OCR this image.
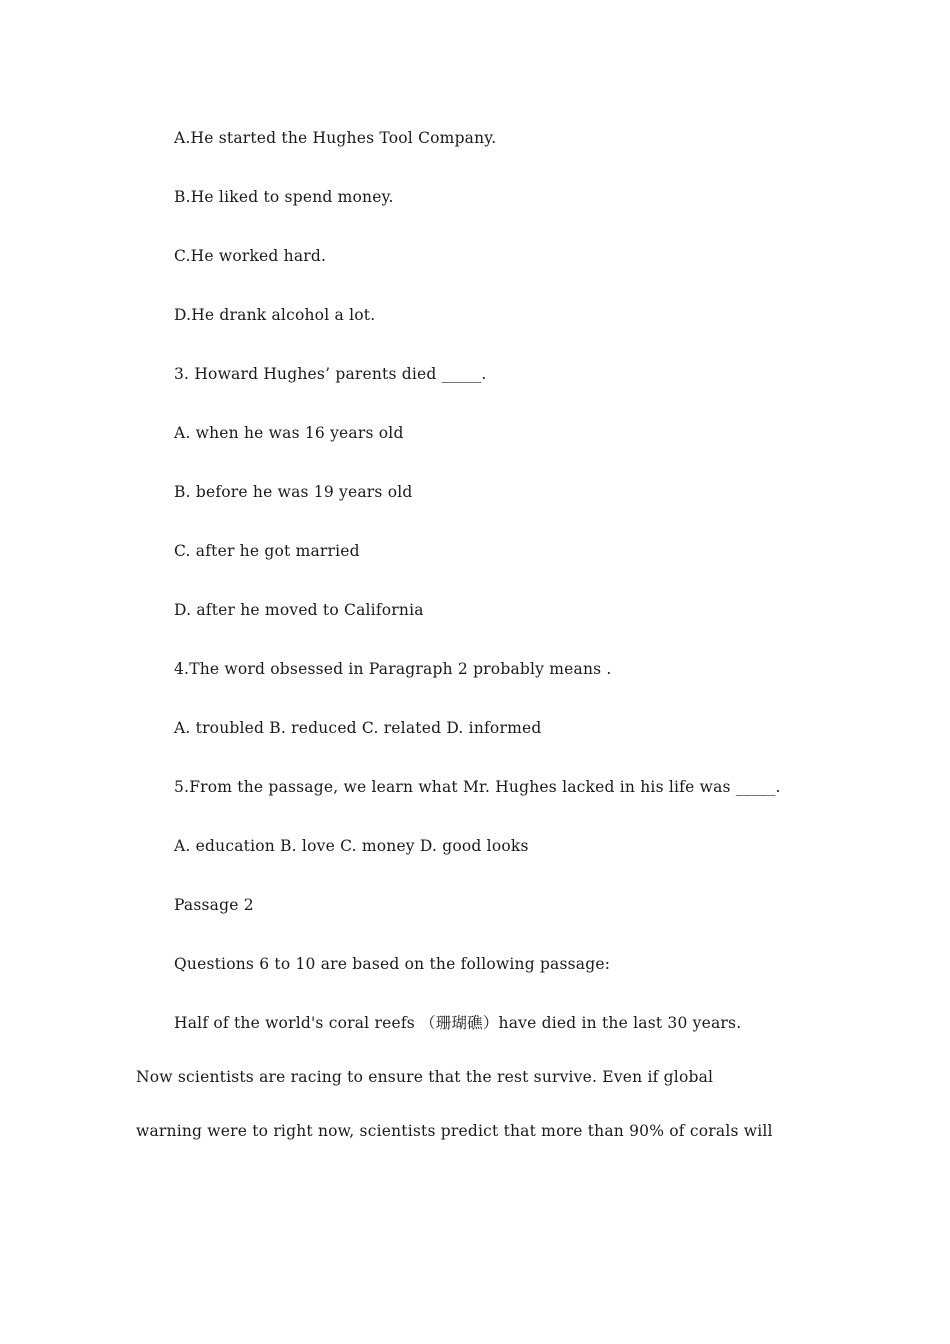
A.He started the Hughes Tool Company.
B.He liked to spend money.
C.He worked hard.
D.He drank alcohol a lot.
3. Howard Hughes’ parents died _____.
A. when he was 16 years old
B. before he was 19 years old
C. after he got married
D. after he moved to California
4.The word obsessed in Paragraph 2 probably means .
A. troubled B. reduced C. related D. informed
5.From the passage, we learn what Mr. Hughes lacked in his life was _____.
A. education B. love C. money D. good looks
Passage 2
Questions 6 to 10 are based on the following passage:
Half of the world's coral reefs （珊瑚礁）have died in the last 30 years.
Now scientists are racing to ensure that the rest survive. Even if global
warning were to right now, scientists predict that more than 90% of corals will
